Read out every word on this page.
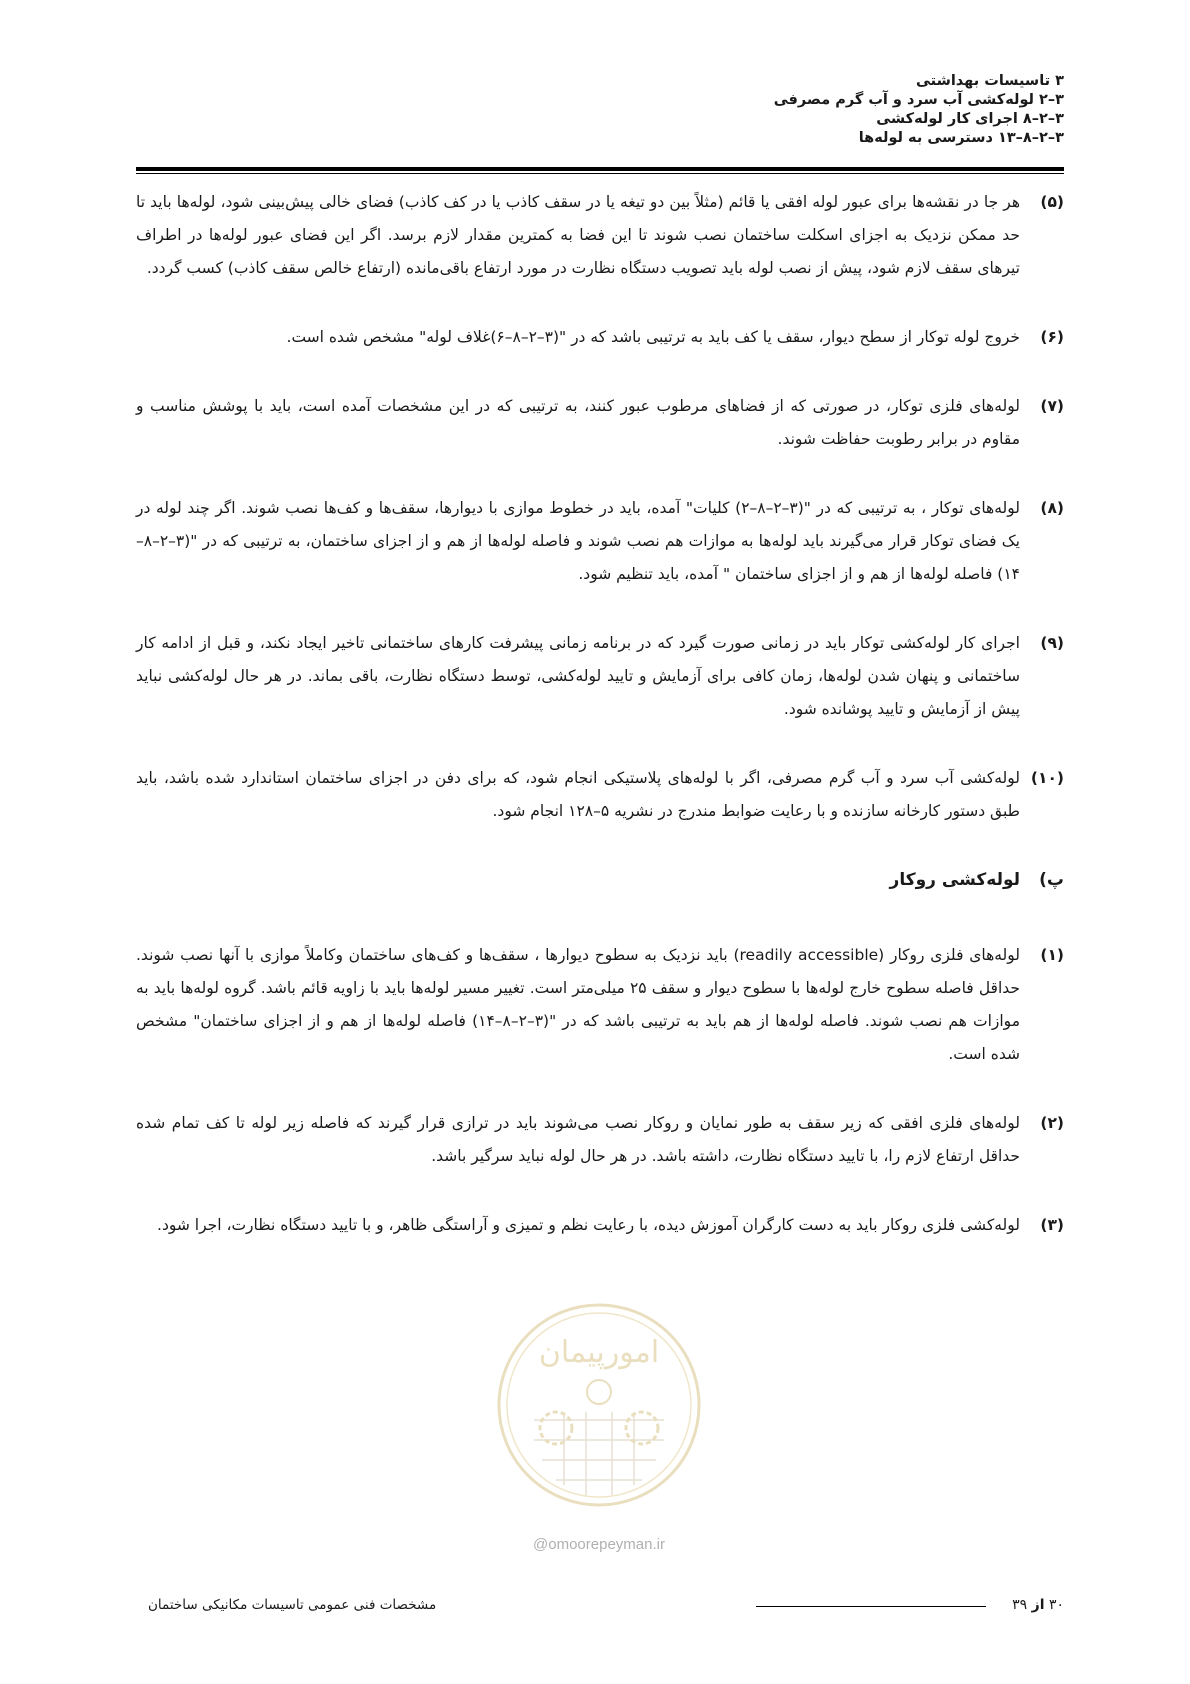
۳ تاسیسات بهداشتی
۳–۲ لوله‌کشی آب سرد و آب گرم مصرفی
۳–۲–۸ اجرای کار لوله‌کشی
۳–۲–۸–۱۳ دسترسی به لوله‌ها
(۵)
هر جا در نقشه‌ها برای عبور لوله افقی یا قائم (مثلاً بین دو تیغه یا در سقف کاذب یا در کف کاذب) فضای خالی پیش‌بینی شود، لوله‌ها باید تا حد ممکن نزدیک به اجزای اسکلت ساختمان نصب شوند تا این فضا به کمترین مقدار لازم برسد. اگر این فضای عبور لوله‌ها در اطراف تیرهای سقف لازم شود، پیش از نصب لوله باید تصویب دستگاه نظارت در مورد ارتفاع باقی‌مانده (ارتفاع خالص سقف کاذب) کسب گردد.
(۶)
خروج لوله توکار از سطح دیوار، سقف یا کف باید به ترتیبی باشد که در "(۳–۲–۸–۶)غلاف لوله" مشخص شده است.
(۷)
لوله‌های فلزی توکار، در صورتی که از فضاهای مرطوب عبور کنند، به ترتیبی که در این مشخصات آمده است، باید با پوشش مناسب و مقاوم در برابر رطوبت حفاظت شوند.
(۸)
لوله‌های توکار ، به ترتیبی که در "(۳–۲–۸–۲) کلیات" آمده، باید در خطوط موازی با دیوارها، سقف‌ها و کف‌ها نصب شوند. اگر چند لوله در یک فضای توکار قرار می‌گیرند باید لوله‌ها به موازات هم نصب شوند و فاصله لوله‌ها از هم و از اجزای ساختمان، به ترتیبی که در "(۳–۲–۸–۱۴) فاصله لوله‌ها از هم و از اجزای ساختمان " آمده، باید تنظیم شود.
(۹)
اجرای کار لوله‌کشی توکار باید در زمانی صورت گیرد که در برنامه زمانی پیشرفت کارهای ساختمانی تاخیر ایجاد نکند، و قبل از ادامه کار ساختمانی و پنهان شدن لوله‌ها، زمان کافی برای آزمایش و تایید لوله‌کشی، توسط دستگاه نظارت، باقی بماند. در هر حال لوله‌کشی نباید پیش از آزمایش و تایید پوشانده شود.
(۱۰)
لوله‌کشی آب سرد و آب گرم مصرفی، اگر با لوله‌های پلاستیکی انجام شود، که برای دفن در اجزای ساختمان استاندارد شده باشد، باید طبق دستور کارخانه سازنده و با رعایت ضوابط مندرج در نشریه ۵–۱۲۸ انجام شود.
پ)
لوله‌کشی روکار
(۱)
لوله‌های فلزی روکار (readily accessible) باید نزدیک به سطوح دیوارها ، سقف‌ها و کف‌های ساختمان وکاملاً موازی با آنها نصب شوند. حداقل فاصله سطوح خارج لوله‌ها با سطوح دیوار و سقف ۲۵ میلی‌متر است. تغییر مسیر لوله‌ها باید با زاویه قائم باشد. گروه لوله‌ها باید به موازات هم نصب شوند. فاصله لوله‌ها از هم باید به ترتیبی باشد که در "(۳–۲–۸–۱۴) فاصله لوله‌ها از هم و از اجزای ساختمان" مشخص شده است.
(۲)
لوله‌های فلزی افقی که زیر سقف به طور نمایان و روکار نصب می‌شوند باید در ترازی قرار گیرند که فاصله زیر لوله تا کف تمام شده حداقل ارتفاع لازم را، با تایید دستگاه نظارت، داشته باشد. در هر حال لوله نباید سرگیر باشد.
(۳)
لوله‌کشی فلزی روکار باید به دست کارگران آموزش دیده، با رعایت نظم و تمیزی و آراستگی ظاهر، و با تایید دستگاه نظارت، اجرا شود.
امورپیمان
@omoorepeyman.ir
۳۰ از ۳۹
مشخصات فنی عمومی تاسیسات مکانیکی ساختمان
